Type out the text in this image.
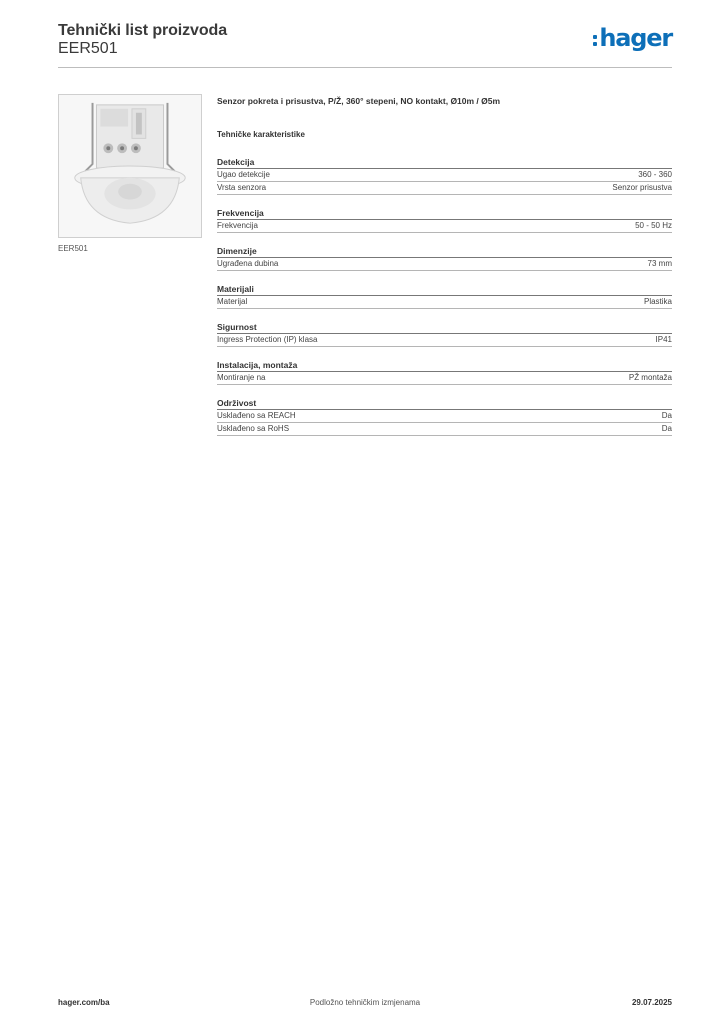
Tehnički list proizvoda
EER501	hager
EER501
Senzor pokreta i prisustva, P/Ž, 360° stepeni, NO kontakt, Ø10m / Ø5m
Tehničke karakteristike
Detekcija
Ugao detekcije	360 - 360
Vrsta senzora	Senzor prisustva
Frekvencija
Frekvencija	50 - 50 Hz
Dimenzije
Ugrađena dubina	73 mm
Materijali
Materijal	Plastika
Sigurnost
Ingress Protection (IP) klasa	IP41
Instalacija, montaža
Montiranje na	PŽ montaža
Održivost
Usklađeno sa REACH	Da
Usklađeno sa RoHS	Da
hager.com/ba	Podložno tehničkim izmjenama	29.07.2025
